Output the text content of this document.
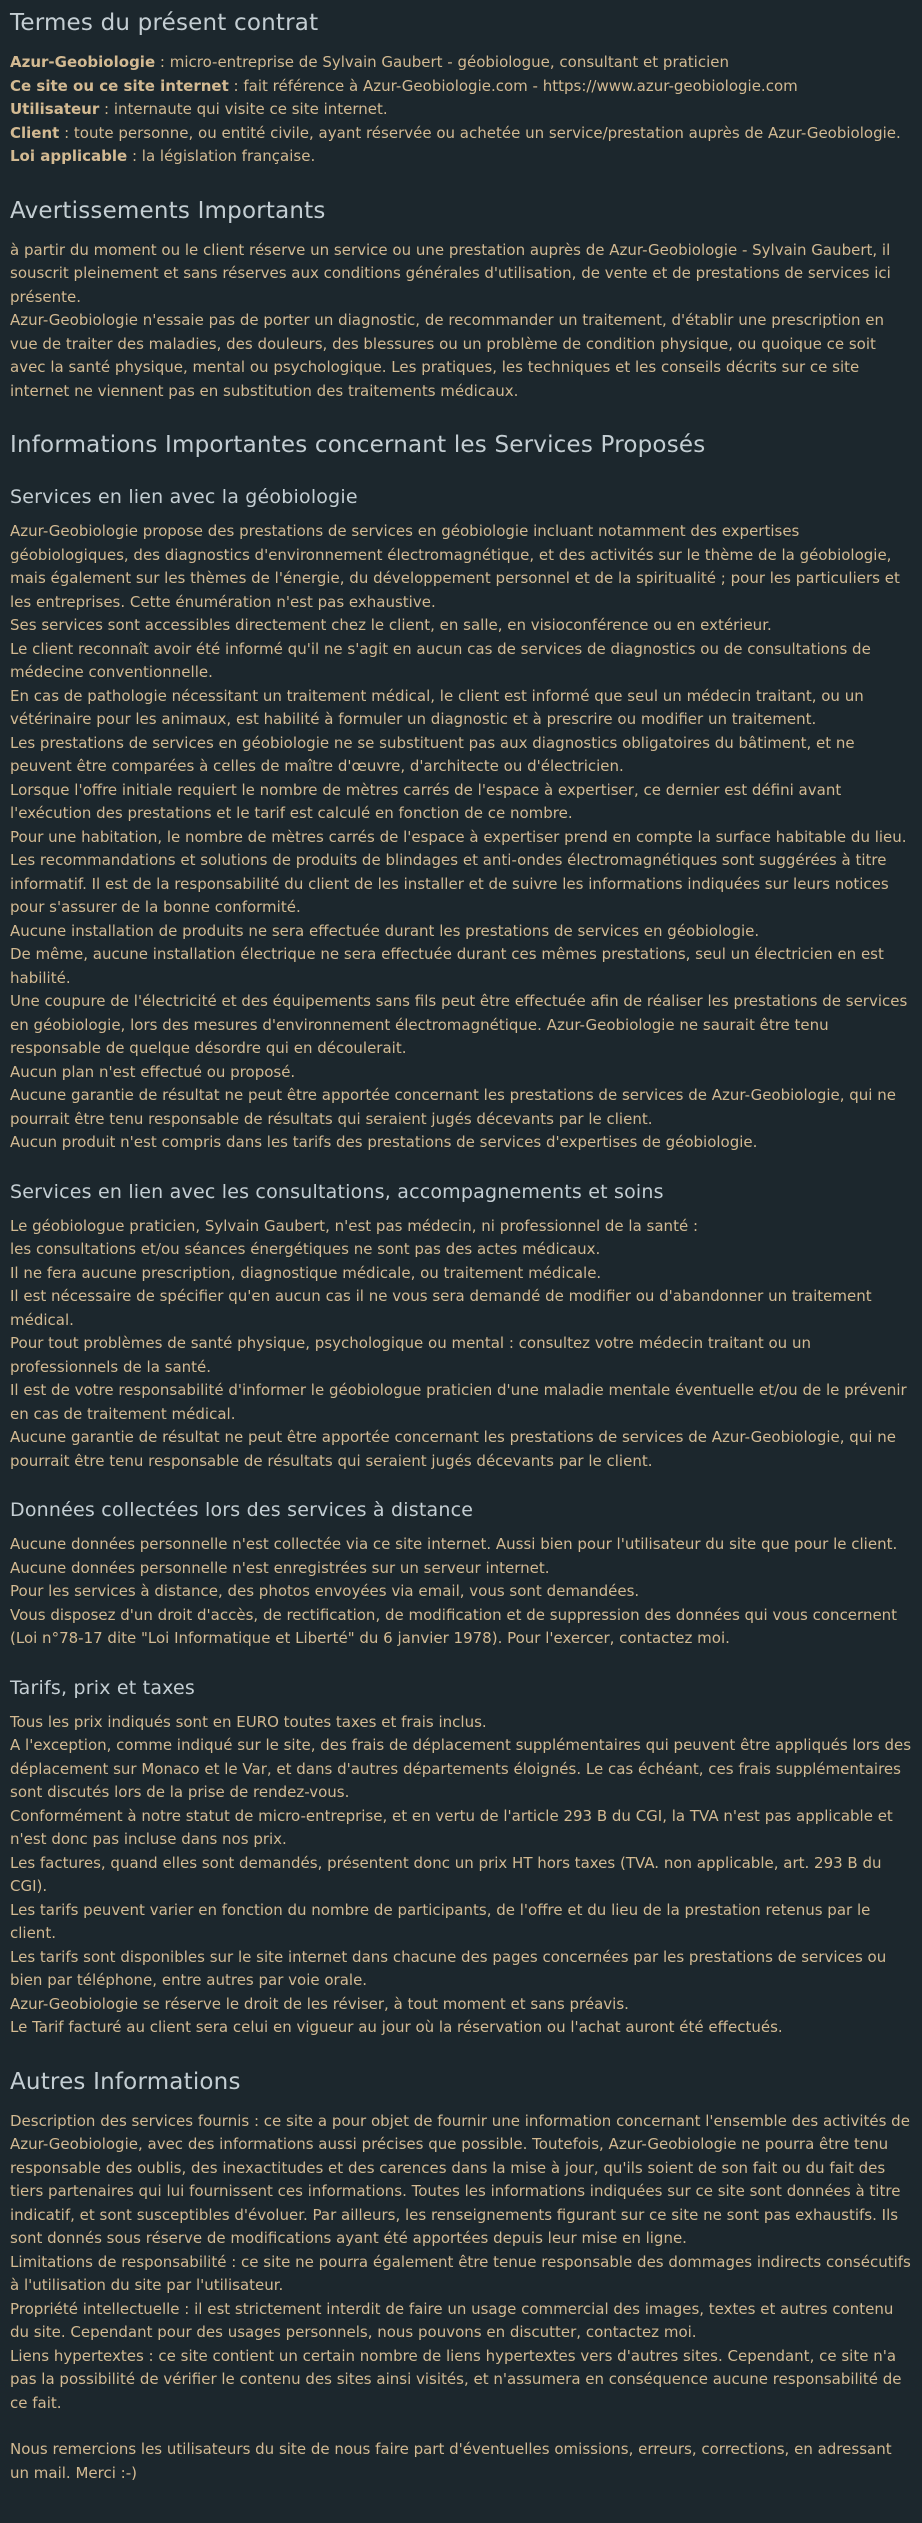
Termes du présent contrat
Azur-Geobiologie : micro-entreprise de Sylvain Gaubert - géobiologue, consultant et praticien
Ce site ou ce site internet : fait référence à Azur-Geobiologie.com - https://www.azur-geobiologie.com
Utilisateur : internaute qui visite ce site internet.
Client : toute personne, ou entité civile, ayant réservée ou achetée un service/prestation auprès de Azur-Geobiologie.
Loi applicable : la législation française.
Avertissements Importants
à partir du moment ou le client réserve un service ou une prestation auprès de Azur-Geobiologie - Sylvain Gaubert, il souscrit pleinement et sans réserves aux conditions générales d'utilisation, de vente et de prestations de services ici présente.
Azur-Geobiologie n'essaie pas de porter un diagnostic, de recommander un traitement, d'établir une prescription en vue de traiter des maladies, des douleurs, des blessures ou un problème de condition physique, ou quoique ce soit avec la santé physique, mental ou psychologique. Les pratiques, les techniques et les conseils décrits sur ce site internet ne viennent pas en substitution des traitements médicaux.
Informations Importantes concernant les Services Proposés
Services en lien avec la géobiologie
Azur-Geobiologie propose des prestations de services en géobiologie incluant notamment des expertises géobiologiques, des diagnostics d'environnement électromagnétique, et des activités sur le thème de la géobiologie, mais également sur les thèmes de l'énergie, du développement personnel et de la spiritualité ; pour les particuliers et les entreprises. Cette énumération n'est pas exhaustive.
Ses services sont accessibles directement chez le client, en salle, en visioconférence ou en extérieur.
Le client reconnaît avoir été informé qu'il ne s'agit en aucun cas de services de diagnostics ou de consultations de médecine conventionnelle.
En cas de pathologie nécessitant un traitement médical, le client est informé que seul un médecin traitant, ou un vétérinaire pour les animaux, est habilité à formuler un diagnostic et à prescrire ou modifier un traitement.
Les prestations de services en géobiologie ne se substituent pas aux diagnostics obligatoires du bâtiment, et ne peuvent être comparées à celles de maître d'œuvre, d'architecte ou d'électricien.
Lorsque l'offre initiale requiert le nombre de mètres carrés de l'espace à expertiser, ce dernier est défini avant l'exécution des prestations et le tarif est calculé en fonction de ce nombre.
Pour une habitation, le nombre de mètres carrés de l'espace à expertiser prend en compte la surface habitable du lieu.
Les recommandations et solutions de produits de blindages et anti-ondes électromagnétiques sont suggérées à titre informatif. Il est de la responsabilité du client de les installer et de suivre les informations indiquées sur leurs notices pour s'assurer de la bonne conformité.
Aucune installation de produits ne sera effectuée durant les prestations de services en géobiologie.
De même, aucune installation électrique ne sera effectuée durant ces mêmes prestations, seul un électricien en est habilité.
Une coupure de l'électricité et des équipements sans fils peut être effectuée afin de réaliser les prestations de services en géobiologie, lors des mesures d'environnement électromagnétique. Azur-Geobiologie ne saurait être tenu responsable de quelque désordre qui en découlerait.
Aucun plan n'est effectué ou proposé.
Aucune garantie de résultat ne peut être apportée concernant les prestations de services de Azur-Geobiologie, qui ne pourrait être tenu responsable de résultats qui seraient jugés décevants par le client.
Aucun produit n'est compris dans les tarifs des prestations de services d'expertises de géobiologie.
Services en lien avec les consultations, accompagnements et soins
Le géobiologue praticien, Sylvain Gaubert, n'est pas médecin, ni professionnel de la santé :
les consultations et/ou séances énergétiques ne sont pas des actes médicaux.
Il ne fera aucune prescription, diagnostique médicale, ou traitement médicale.
Il est nécessaire de spécifier qu'en aucun cas il ne vous sera demandé de modifier ou d'abandonner un traitement médical.
Pour tout problèmes de santé physique, psychologique ou mental : consultez votre médecin traitant ou un professionnels de la santé.
Il est de votre responsabilité d'informer le géobiologue praticien d'une maladie mentale éventuelle et/ou de le prévenir en cas de traitement médical.
Aucune garantie de résultat ne peut être apportée concernant les prestations de services de Azur-Geobiologie, qui ne pourrait être tenu responsable de résultats qui seraient jugés décevants par le client.
Données collectées lors des services à distance
Aucune données personnelle n'est collectée via ce site internet. Aussi bien pour l'utilisateur du site que pour le client.
Aucune données personnelle n'est enregistrées sur un serveur internet.
Pour les services à distance, des photos envoyées via email, vous sont demandées.
Vous disposez d'un droit d'accès, de rectification, de modification et de suppression des données qui vous concernent (Loi n°78-17 dite "Loi Informatique et Liberté" du 6 janvier 1978). Pour l'exercer, contactez moi.
Tarifs, prix et taxes
Tous les prix indiqués sont en EURO toutes taxes et frais inclus.
A l'exception, comme indiqué sur le site, des frais de déplacement supplémentaires qui peuvent être appliqués lors des déplacement sur Monaco et le Var, et dans d'autres départements éloignés. Le cas échéant, ces frais supplémentaires sont discutés lors de la prise de rendez-vous.
Conformément à notre statut de micro-entreprise, et en vertu de l'article 293 B du CGI, la TVA n'est pas applicable et n'est donc pas incluse dans nos prix.
Les factures, quand elles sont demandés, présentent donc un prix HT hors taxes (TVA. non applicable, art. 293 B du CGI).
Les tarifs peuvent varier en fonction du nombre de participants, de l'offre et du lieu de la prestation retenus par le client.
Les tarifs sont disponibles sur le site internet dans chacune des pages concernées par les prestations de services ou bien par téléphone, entre autres par voie orale.
Azur-Geobiologie se réserve le droit de les réviser, à tout moment et sans préavis.
Le Tarif facturé au client sera celui en vigueur au jour où la réservation ou l'achat auront été effectués.
Autres Informations
Description des services fournis : ce site a pour objet de fournir une information concernant l'ensemble des activités de Azur-Geobiologie, avec des informations aussi précises que possible. Toutefois, Azur-Geobiologie ne pourra être tenu responsable des oublis, des inexactitudes et des carences dans la mise à jour, qu'ils soient de son fait ou du fait des tiers partenaires qui lui fournissent ces informations. Toutes les informations indiquées sur ce site sont données à titre indicatif, et sont susceptibles d'évoluer. Par ailleurs, les renseignements figurant sur ce site ne sont pas exhaustifs. Ils sont donnés sous réserve de modifications ayant été apportées depuis leur mise en ligne.
Limitations de responsabilité : ce site ne pourra également être tenue responsable des dommages indirects consécutifs à l'utilisation du site par l'utilisateur.
Propriété intellectuelle : il est strictement interdit de faire un usage commercial des images, textes et autres contenu du site. Cependant pour des usages personnels, nous pouvons en discutter, contactez moi.
Liens hypertextes : ce site contient un certain nombre de liens hypertextes vers d'autres sites. Cependant, ce site n'a pas la possibilité de vérifier le contenu des sites ainsi visités, et n'assumera en conséquence aucune responsabilité de ce fait.
Nous remercions les utilisateurs du site de nous faire part d'éventuelles omissions, erreurs, corrections, en adressant un mail. Merci :-)
